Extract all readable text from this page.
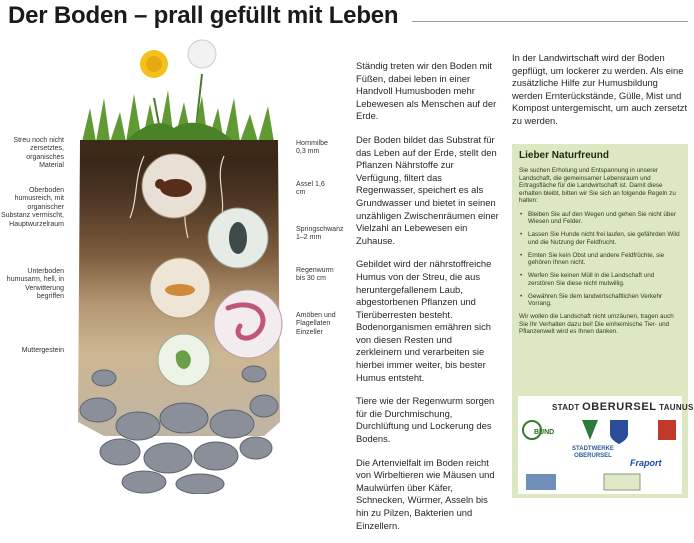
Der Boden – prall gefüllt mit Leben
Streu noch nicht zersetztes, organisches Material
Oberboden humusreich, mit organischer Substanz vermischt, Hauptwurzelraum
Unterboden humusarm, hell, in Verwitterung begriffen
Muttergestein
Hornmilbe 0,3 mm
Assel 1,6 cm
Springschwanz 1–2 mm
Regenwurm bis 30 cm
Amöben und Flagellaten Einzeller

Ständig treten wir den Boden mit Füßen, dabei leben in einer Handvoll Humusboden mehr Lebewesen als Menschen auf der Erde.

Der Boden bildet das Substrat für das Leben auf der Erde, stellt den Pflanzen Nährstoffe zur Verfügung, filtert das Regenwasser, speichert es als Grundwasser und bietet in seinen unzähligen Zwischenräumen einer Vielzahl an Lebewesen ein Zuhause.

Gebildet wird der nährstoffreiche Humus von der Streu, die aus heruntergefallenem Laub, abgestorbenen Pflanzen und Tierüberresten besteht. Bodenorganismen emähren sich von diesen Resten und zerkleinern und verarbeiten sie hierbei immer weiter, bis bester Humus entsteht.

Tiere wie der Regenwurm sorgen für die Durchmischung, Durchlüftung und Lockerung des Bodens.

Die Artenvielfalt im Boden reicht von Wirbeltieren wie Mäusen und Maulwürfen über Käfer, Schnecken, Würmer, Asseln bis hin zu Pilzen, Bakterien und Einzellern.

In der Landwirtschaft wird der Boden gepflügt, um lockerer zu werden. Als eine zusätzliche Hilfe zur Humusbildung werden Ernterückstände, Gülle, Mist und Kompost untergemischt, um auch zersetzt zu werden.

Lieber Naturfreund
Sie suchen Erholung und Entspannung in unserer Landschaft, die gemeinsamer Lebensraum und Ertragsfläche für die Landwirtschaft ist. Damit diese erhalten bleibt, bitten wir Sie sich an folgende Regeln zu halten:
• Bleiben Sie auf den Wegen und gehen Sie nicht über Wiesen und Felder.
• Lassen Sie Hunde nicht frei laufen, sie gefährden Wild und die Nutzung der Feldfrucht.
• Ernten Sie kein Obst und andere Feldfrüchte, sie gehören Ihnen nicht.
• Werfen Sie keinen Müll in die Landschaft und zerstören Sie diese nicht mutwillig.
• Gewähren Sie dem landwirtschaftlichen Verkehr Vorrang.
Wir wollen die Landschaft nicht umzäunen, tragen auch Sie Ihr Verhalten dazu bei! Die einheimische Tier- und Pflanzenwelt wird es Ihnen danken.
STADT OBERURSEL TAUNUS
BUND
STADTWERKE OBERURSEL
Fraport
